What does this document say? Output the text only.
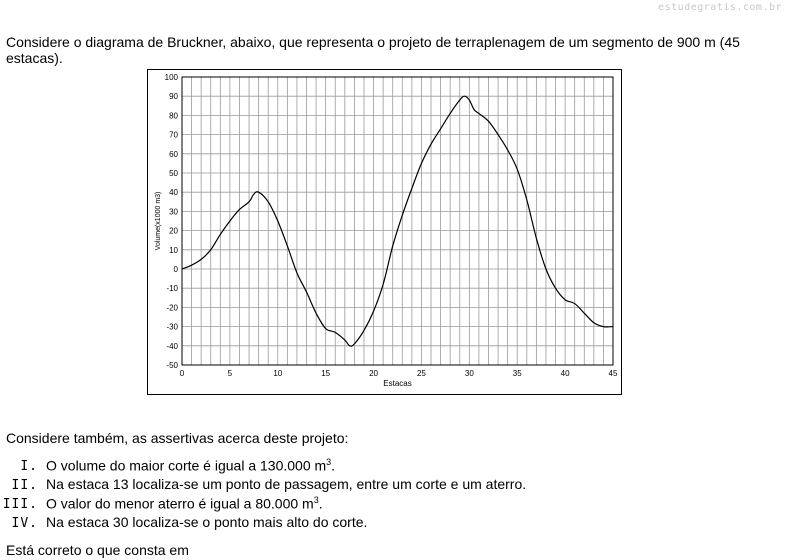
estudegratis.com.br
Considere o diagrama de Bruckner, abaixo, que representa o projeto de terraplenagem de um segmento de 900 m (45 estacas).
100
90
80
70
60
50
40
30
20
10
0
-10
-20
-30
-40
-50
0	5	10	15	20	25	30	35	40	45
Estacas
Volume(x1000 m3)
Considere também, as assertivas acerca deste projeto:
I. O volume do maior corte é igual a 130.000 $m^3$.
II. Na estaca 13 localiza-se um ponto de passagem, entre um corte e um aterro.
III. O valor do menor aterro é igual a 80.000 $m^3$.
IV. Na estaca 30 localiza-se o ponto mais alto do corte.
Está correto o que consta em
